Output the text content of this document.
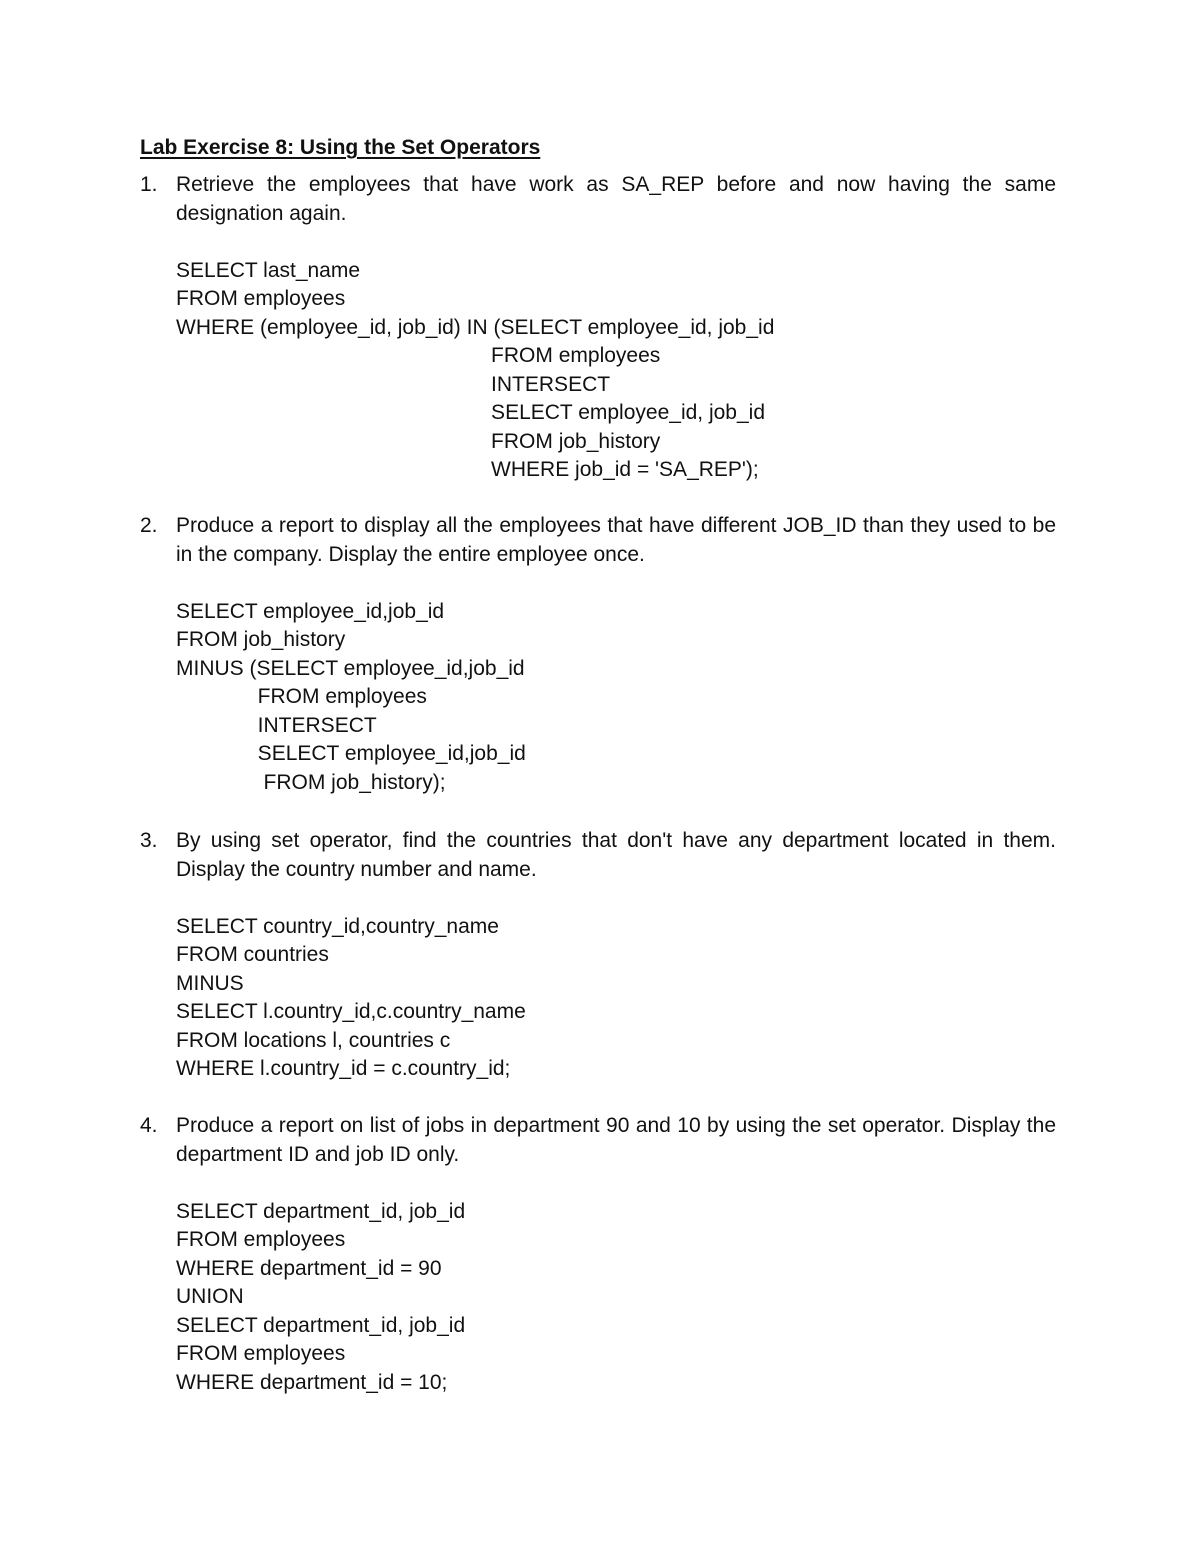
Lab Exercise 8: Using the Set Operators
1. Retrieve the employees that have work as SA_REP before and now having the same designation again.
SELECT last_name
FROM employees
WHERE (employee_id, job_id) IN (SELECT employee_id, job_id
FROM employees
INTERSECT
SELECT employee_id, job_id
FROM job_history
WHERE job_id = 'SA_REP');
2. Produce a report to display all the employees that have different JOB_ID than they used to be in the company. Display the entire employee once.
SELECT employee_id,job_id
FROM job_history
MINUS (SELECT employee_id,job_id
FROM employees
INTERSECT
SELECT employee_id,job_id
FROM job_history);
3. By using set operator, find the countries that don't have any department located in them. Display the country number and name.
SELECT country_id,country_name
FROM countries
MINUS
SELECT l.country_id,c.country_name
FROM locations l, countries c
WHERE l.country_id = c.country_id;
4. Produce a report on list of jobs in department 90 and 10 by using the set operator. Display the department ID and job ID only.
SELECT department_id, job_id
FROM employees
WHERE department_id = 90
UNION
SELECT department_id, job_id
FROM employees
WHERE department_id = 10;
